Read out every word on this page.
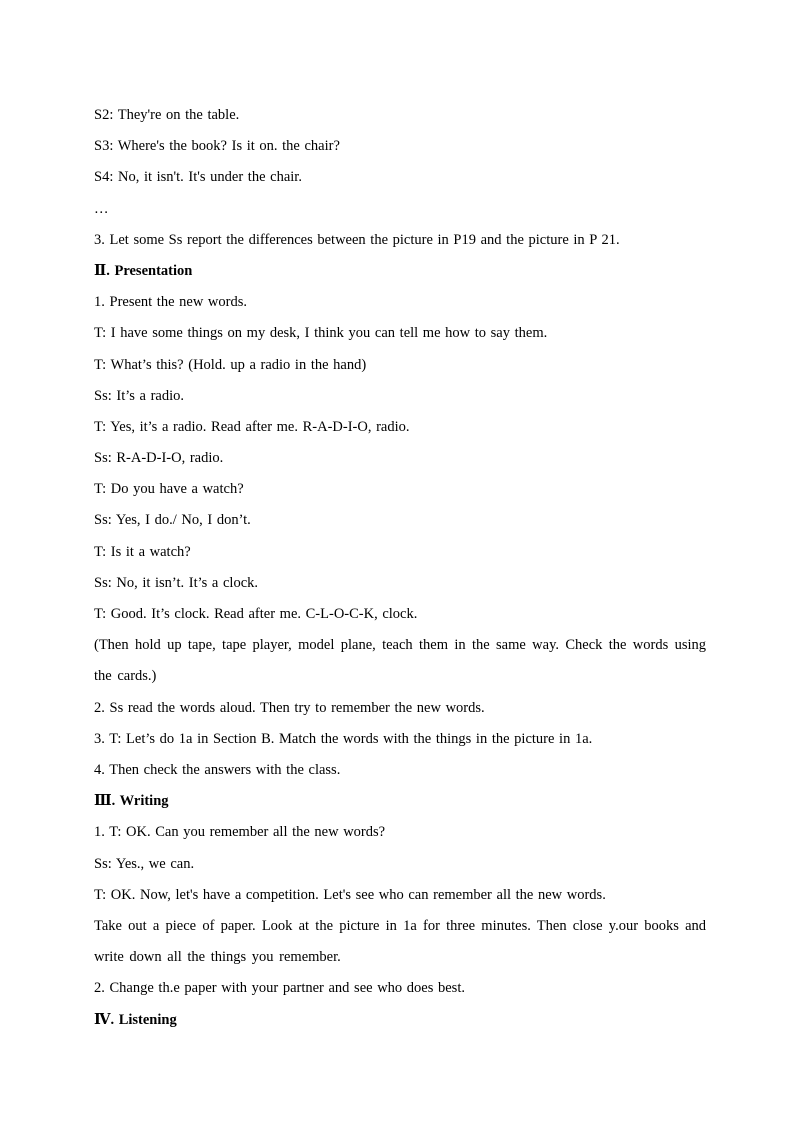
S2: They're on the table.
S3: Where's the book? Is it on. the chair?
S4: No, it isn't. It's under the chair.
…
3. Let some Ss report the differences between the picture in P19 and the picture in P 21.
Ⅱ. Presentation
1. Present the new words.
T: I have some things on my desk, I think you can tell me how to say them.
T: What’s this? (Hold. up a radio in the hand)
Ss: It’s a radio.
T: Yes, it’s a radio. Read after me. R-A-D-I-O, radio.
Ss: R-A-D-I-O, radio.
T: Do you have a watch?
Ss: Yes, I do./ No, I don’t.
T: Is it a watch?
Ss: No, it isn’t. It’s a clock.
T: Good. It’s clock. Read after me. C-L-O-C-K, clock.
(Then hold up tape, tape player, model plane, teach them in the same way. Check the words using the cards.)
2. Ss read the words aloud. Then try to remember the new words.
3. T: Let’s do 1a in Section B. Match the words with the things in the picture in 1a.
4. Then check the answers with the class.
Ⅲ. Writing
1. T: OK. Can you remember all the new words?
Ss: Yes., we can.
T: OK. Now, let's have a competition. Let's see who can remember all the new words.
Take out a piece of paper. Look at the picture in 1a for three minutes. Then close y.our books and write down all the things you remember.
2. Change th.e paper with your partner and see who does best.
Ⅳ. Listening
